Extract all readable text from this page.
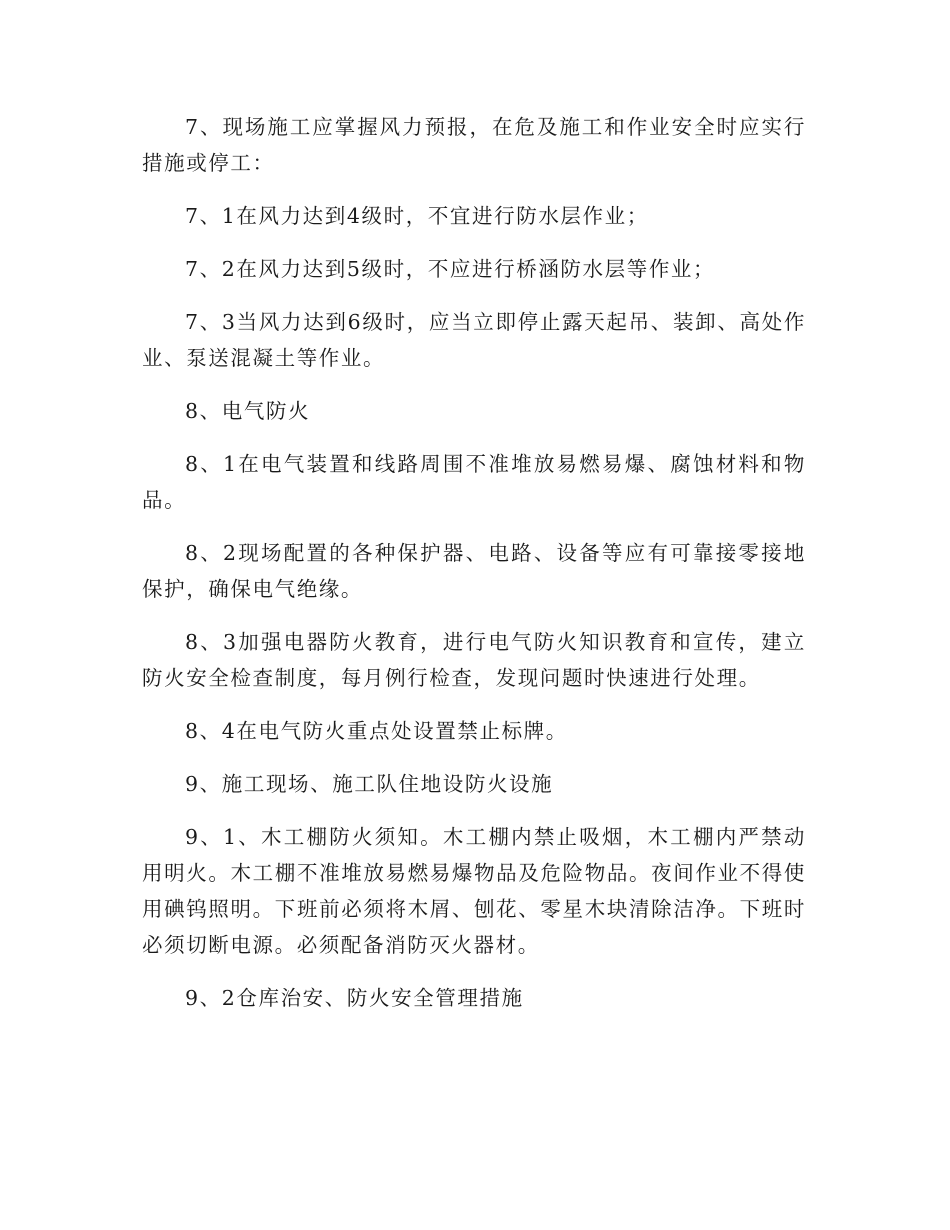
7、现场施工应掌握风力预报，在危及施工和作业安全时应实行措施或停工：

7、1在风力达到4级时，不宜进行防水层作业；

7、2在风力达到5级时，不应进行桥涵防水层等作业；

7、3当风力达到6级时，应当立即停止露天起吊、装卸、高处作业、泵送混凝土等作业。

8、电气防火

8、1在电气装置和线路周围不准堆放易燃易爆、腐蚀材料和物品。

8、2现场配置的各种保护器、电路、设备等应有可靠接零接地保护，确保电气绝缘。

8、3加强电器防火教育，进行电气防火知识教育和宣传，建立防火安全检查制度，每月例行检查，发现问题时快速进行处理。

8、4在电气防火重点处设置禁止标牌。

9、施工现场、施工队住地设防火设施

9、1、木工棚防火须知。木工棚内禁止吸烟，木工棚内严禁动用明火。木工棚不准堆放易燃易爆物品及危险物品。夜间作业不得使用碘钨照明。下班前必须将木屑、刨花、零星木块清除洁净。下班时必须切断电源。必须配备消防灭火器材。

9、2仓库治安、防火安全管理措施
